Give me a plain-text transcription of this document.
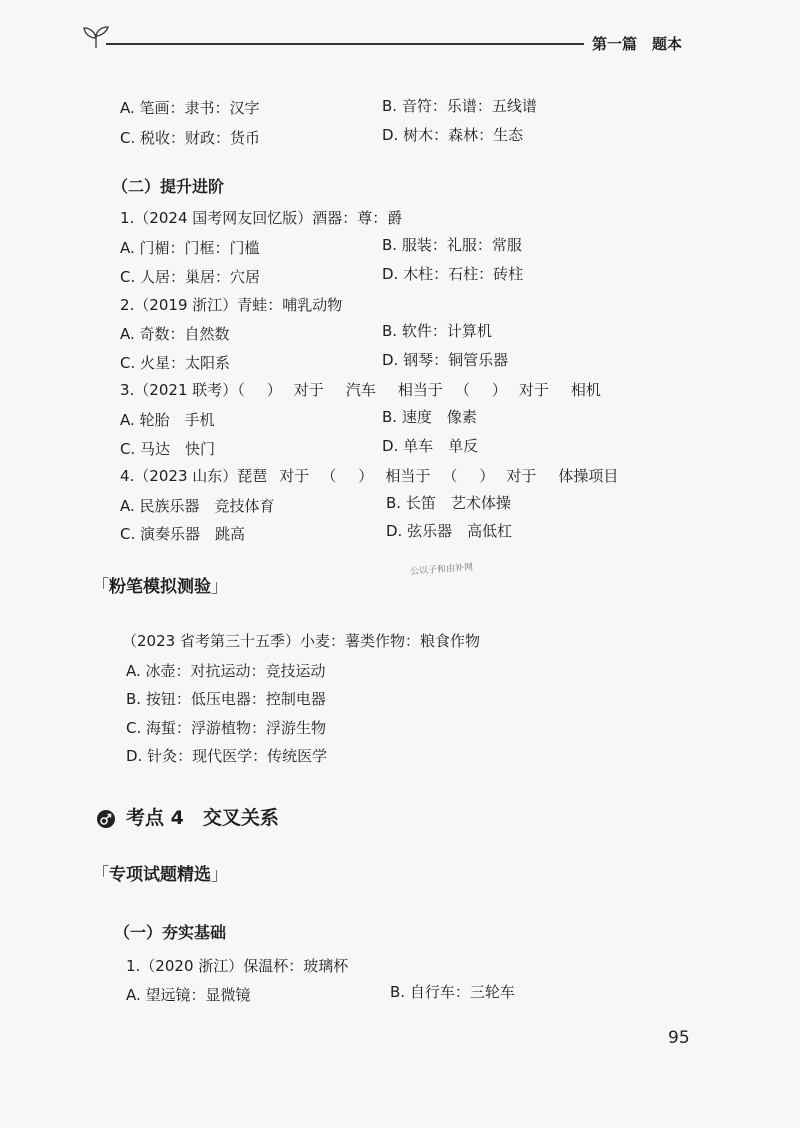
第一篇　题本
A. 笔画：隶书：汉字	B. 音符：乐谱：五线谱
C. 税收：财政：货币	D. 树木：森林：生态
（二）提升进阶
1.（2024 国考网友回忆版）酒器：尊：爵
A. 门楣：门框：门槛	B. 服装：礼服：常服
C. 人居：巢居：穴居	D. 木柱：石柱：砖柱
2.（2019 浙江）青蛙：哺乳动物
A. 奇数：自然数	B. 软件：计算机
C. 火星：太阳系	D. 钢琴：铜管乐器
3.（2021 联考）（ ） 对于 汽车 相当于 （ ） 对于 相机
A. 轮胎　手机	B. 速度　像素
C. 马达　快门	D. 单车　单反
4.（2023 山东）琵琶 对于 （ ） 相当于 （ ） 对于 体操项目
A. 民族乐器　竞技体育	B. 长笛　艺术体操
C. 演奏乐器　跳高	D. 弦乐器　高低杠
「粉笔模拟测验」
公以子和由补网
（2023 省考第三十五季）小麦：薯类作物：粮食作物
A. 冰壶：对抗运动：竞技运动
B. 按钮：低压电器：控制电器
C. 海蜇：浮游植物：浮游生物
D. 针灸：现代医学：传统医学
考点 4　交叉关系
「专项试题精选」
（一）夯实基础
1.（2020 浙江）保温杯：玻璃杯
A. 望远镜：显微镜	B. 自行车：三轮车
95
